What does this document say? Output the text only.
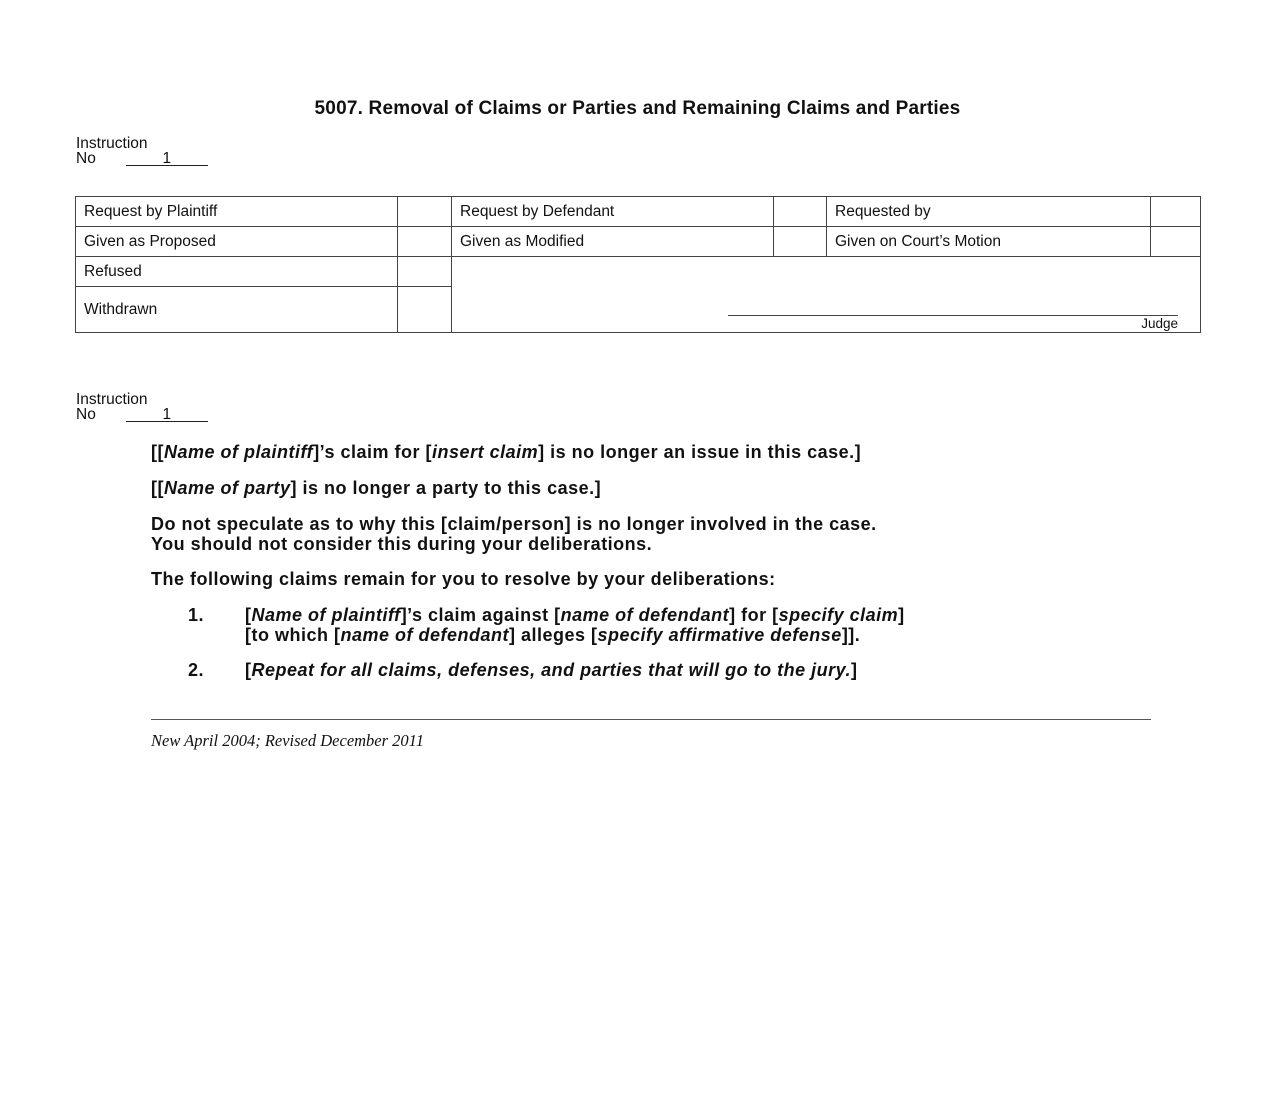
5007. Removal of Claims or Parties and Remaining Claims and Parties
Instruction
No	1
Request by Plaintiff		Request by Defendant		Requested by	
Given as Proposed		Given as Modified		Given on Court’s Motion	
Refused		Judge			

Withdrawn					
Instruction
No	1
[[Name of plaintiff]’s claim for [insert claim] is no longer an issue in this case.]
[[Name of party] is no longer a party to this case.]
Do not speculate as to why this [claim/person] is no longer involved in the case.
You should not consider this during your deliberations.
The following claims remain for you to resolve by your deliberations:
1. [Name of plaintiff]’s claim against [name of defendant] for [specify claim]
[to which [name of defendant] alleges [specify affirmative defense]].
2. [Repeat for all claims, defenses, and parties that will go to the jury.]
New April 2004; Revised December 2011
